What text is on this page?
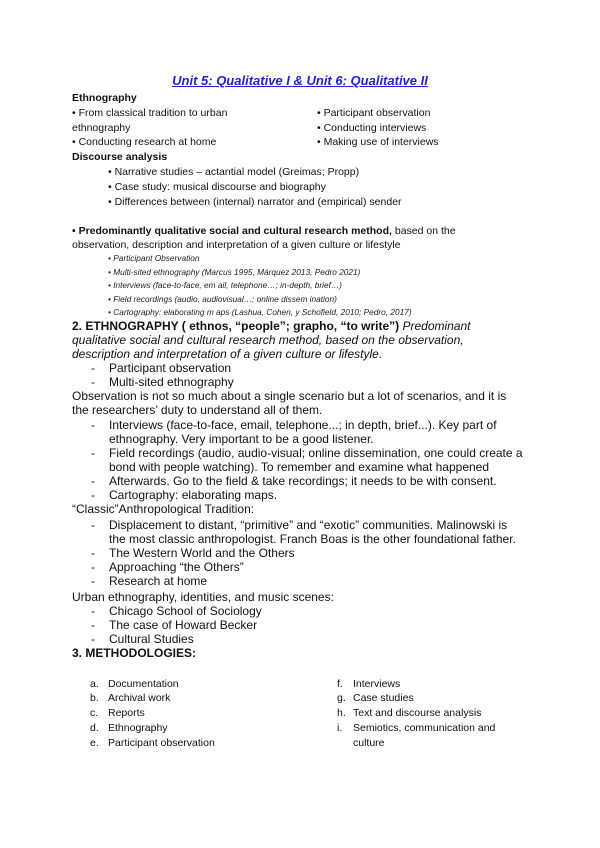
Unit 5: Qualitative I & Unit 6: Qualitative II
Ethnography
• From classical tradition to urban
ethnography
• Conducting research at home
• Participant observation
• Conducting interviews
• Making use of interviews
Discourse analysis
• Narrative studies – actantial model (Greimas; Propp)
• Case study: musical discourse and biography
• Differences between (internal) narrator and (empirical) sender
• Predominantly qualitative social and cultural research method, based on the
observation, description and interpretation of a given culture or lifestyle
• Participant Observation
• Multi-sited ethnography (Marcus 1995, Márquez 2013, Pedro 2021)
• Interviews (face-to-face, em ail, telephone…; in-depth, brief…)
• Field recordings (audio, audiovisual…; online dissem ination)
• Cartography: elaborating m aps (Lashua, Cohen, y Schofield, 2010; Pedro, 2017)
2. ETHNOGRAPHY ( ethnos, “people”; grapho, “to write”) Predominant
qualitative social and cultural research method, based on the observation,
description and interpretation of a given culture or lifestyle.
- Participant observation
- Multi-sited ethnography
Observation is not so much about a single scenario but a lot of scenarios, and it is
the researchers’ duty to understand all of them.
- Interviews (face-to-face, email, telephone...; in depth, brief...). Key part of
ethnography. Very important to be a good listener.
- Field recordings (audio, audio-visual; online dissemination, one could create a
bond with people watching). To remember and examine what happened
- Afterwards. Go to the field & take recordings; it needs to be with consent.
- Cartography: elaborating maps.
“Classic”Anthropological Tradition:
- Displacement to distant, “primitive” and “exotic” communities. Malinowski is
the most classic anthropologist. Franch Boas is the other foundational father.
- The Western World and the Others
- Approaching “the Others”
- Research at home
Urban ethnography, identities, and music scenes:
- Chicago School of Sociology
- The case of Howard Becker
- Cultural Studies
3. METHODOLOGIES:
a. Documentation
b. Archival work
c. Reports
d. Ethnography
e. Participant observation
f. Interviews
g. Case studies
h. Text and discourse analysis
i. Semiotics, communication and
culture
